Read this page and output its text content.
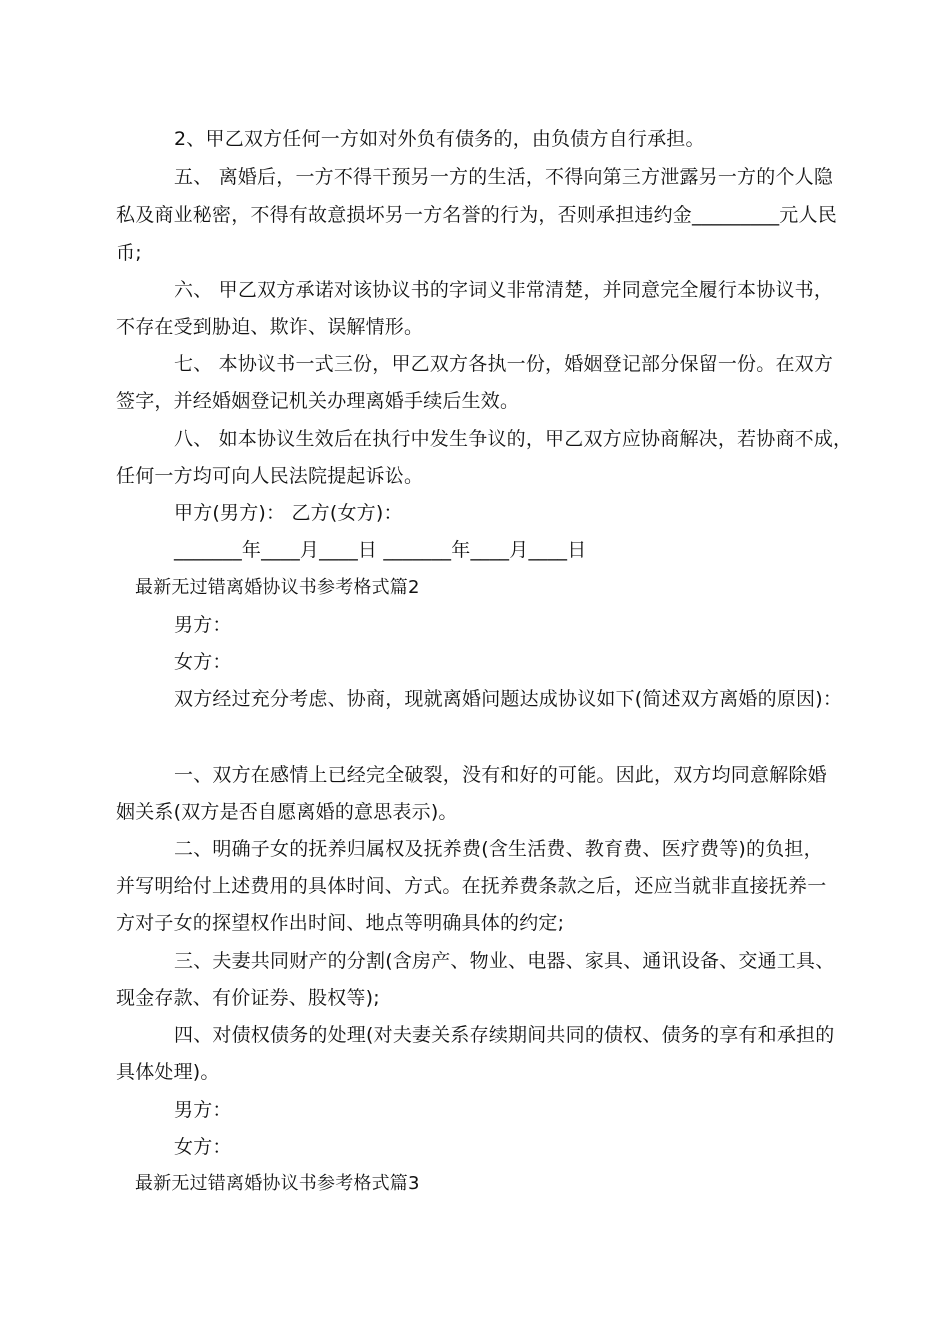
2、甲乙双方任何一方如对外负有债务的，由负债方自行承担。
五、 离婚后，一方不得干预另一方的生活，不得向第三方泄露另一方的个人隐
私及商业秘密，不得有故意损坏另一方名誉的行为，否则承担违约金_________元人民
币;
六、 甲乙双方承诺对该协议书的字词义非常清楚，并同意完全履行本协议书，
不存在受到胁迫、欺诈、误解情形。
七、 本协议书一式三份，甲乙双方各执一份，婚姻登记部分保留一份。在双方
签字，并经婚姻登记机关办理离婚手续后生效。
八、 如本协议生效后在执行中发生争议的，甲乙双方应协商解决，若协商不成，
任何一方均可向人民法院提起诉讼。
甲方(男方)： 乙方(女方)：
_______年____月____日 _______年____月____日
最新无过错离婚协议书参考格式篇2
男方：
女方：
双方经过充分考虑、协商，现就离婚问题达成协议如下(简述双方离婚的原因)：
一、双方在感情上已经完全破裂，没有和好的可能。因此，双方均同意解除婚
姻关系(双方是否自愿离婚的意思表示)。
二、明确子女的抚养归属权及抚养费(含生活费、教育费、医疗费等)的负担，
并写明给付上述费用的具体时间、方式。在抚养费条款之后，还应当就非直接抚养一
方对子女的探望权作出时间、地点等明确具体的约定;
三、夫妻共同财产的分割(含房产、物业、电器、家具、通讯设备、交通工具、
现金存款、有价证券、股权等);
四、对债权债务的处理(对夫妻关系存续期间共同的债权、债务的享有和承担的
具体处理)。
男方：
女方：
最新无过错离婚协议书参考格式篇3
